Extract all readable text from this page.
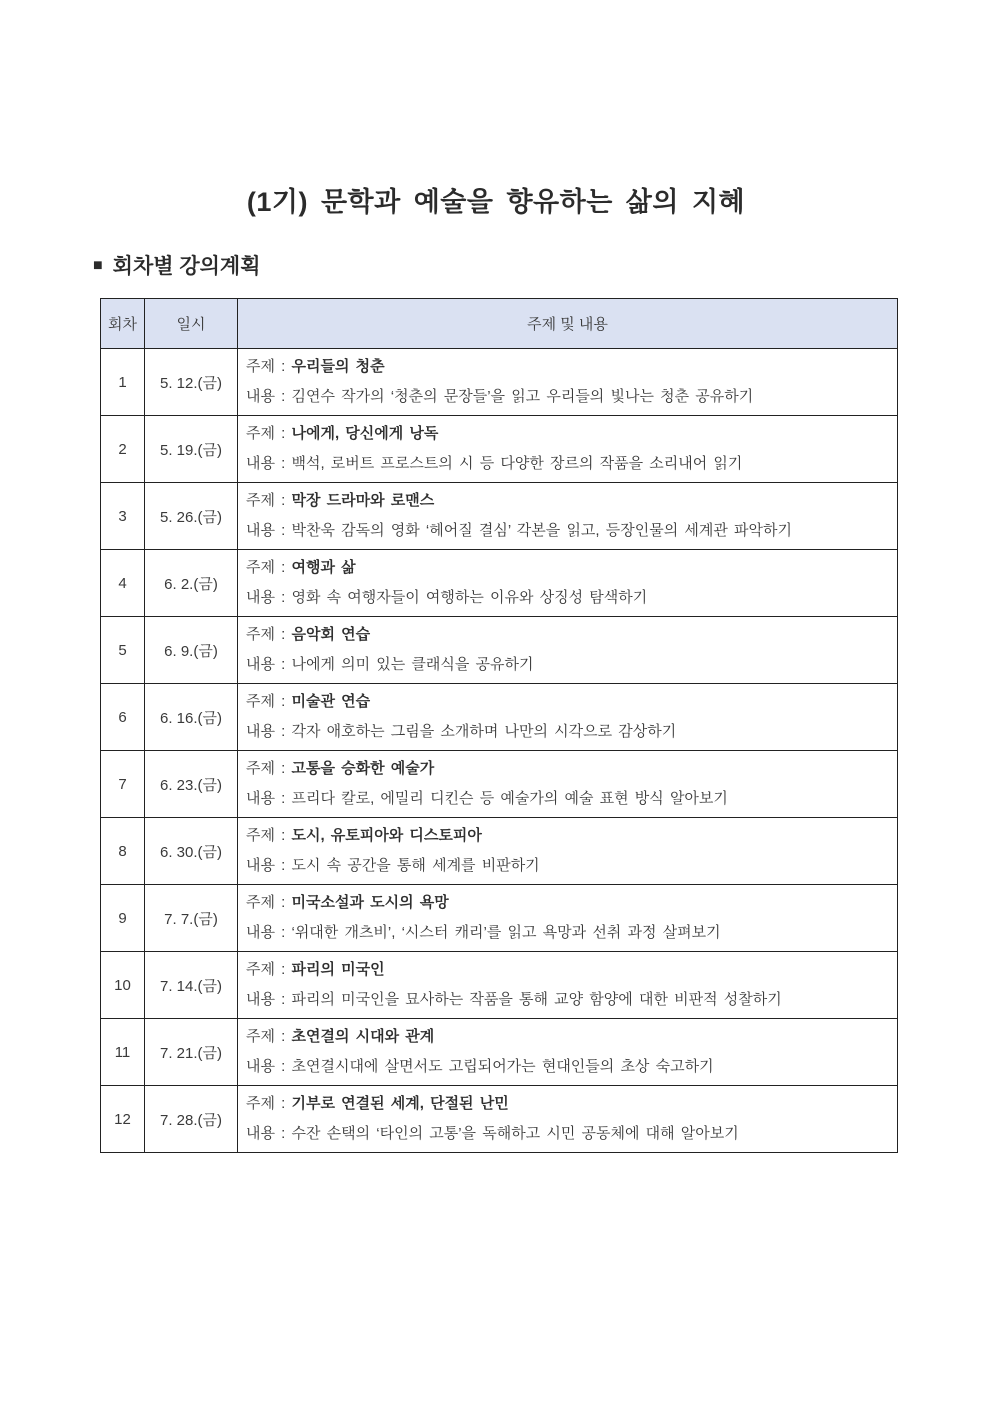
(1기) 문학과 예술을 향유하는 삶의 지혜
■ 회차별 강의계획
회차	일시	주제 및 내용
1	5. 12.(금)	주제 : 우리들의 청춘
내용 : 김연수 작가의 ‘청춘의 문장들’을 읽고 우리들의 빛나는 청춘 공유하기

2	5. 19.(금)	주제 : 나에게, 당신에게 낭독
내용 : 백석, 로버트 프로스트의 시 등 다양한 장르의 작품을 소리내어 읽기

3	5. 26.(금)	주제 : 막장 드라마와 로맨스
내용 : 박찬욱 감독의 영화 ‘헤어질 결심’ 각본을 읽고, 등장인물의 세계관 파악하기

4	6. 2.(금)	주제 : 여행과 삶
내용 : 영화 속 여행자들이 여행하는 이유와 상징성 탐색하기

5	6. 9.(금)	주제 : 음악회 연습
내용 : 나에게 의미 있는 클래식을 공유하기

6	6. 16.(금)	주제 : 미술관 연습
내용 : 각자 애호하는 그림을 소개하며 나만의 시각으로 감상하기

7	6. 23.(금)	주제 : 고통을 승화한 예술가
내용 : 프리다 칼로, 에밀리 디킨슨 등 예술가의 예술 표현 방식 알아보기

8	6. 30.(금)	주제 : 도시, 유토피아와 디스토피아
내용 : 도시 속 공간을 통해 세계를 비판하기

9	7. 7.(금)	주제 : 미국소설과 도시의 욕망
내용 : ‘위대한 개츠비’, ‘시스터 캐리’를 읽고 욕망과 선취 과정 살펴보기

10	7. 14.(금)	주제 : 파리의 미국인
내용 : 파리의 미국인을 묘사하는 작품을 통해 교양 함양에 대한 비판적 성찰하기

11	7. 21.(금)	주제 : 초연결의 시대와 관계
내용 : 초연결시대에 살면서도 고립되어가는 현대인들의 초상 숙고하기

12	7. 28.(금)	주제 : 기부로 연결된 세계, 단절된 난민
내용 : 수잔 손택의 ‘타인의 고통’을 독해하고 시민 공동체에 대해 알아보기
